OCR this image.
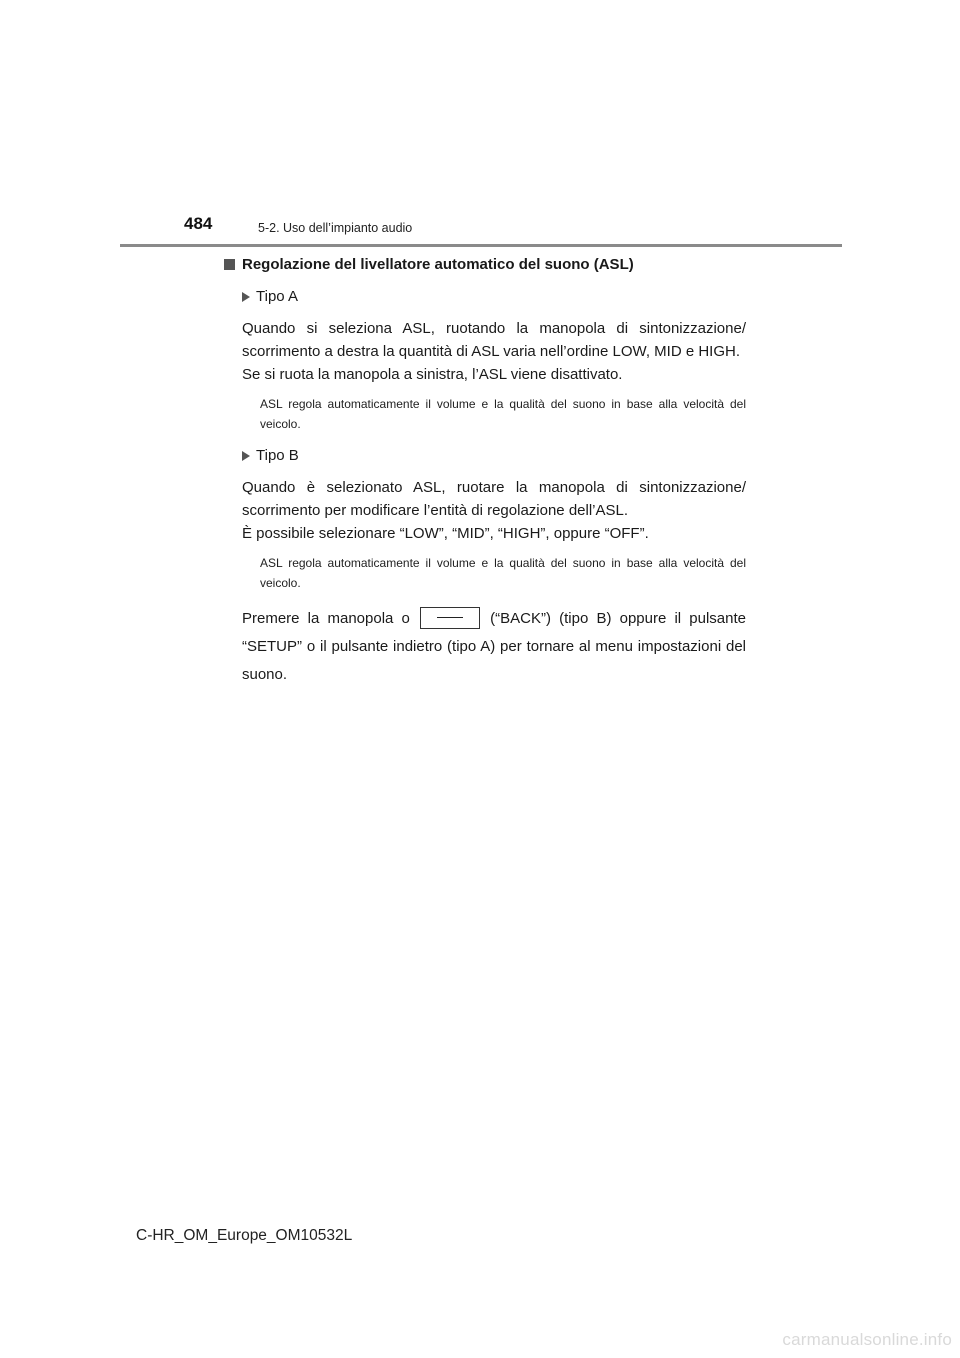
484	5-2. Uso dell’impianto audio
Regolazione del livellatore automatico del suono (ASL)
Tipo A

Quando si seleziona ASL, ruotando la manopola di sintonizzazione/ scorrimento a destra la quantità di ASL varia nell’ordine LOW, MID e HIGH.
Se si ruota la manopola a sinistra, l’ASL viene disattivato.

ASL regola automaticamente il volume e la qualità del suono in base alla velocità del veicolo.

Tipo B

Quando è selezionato ASL, ruotare la manopola di sintonizzazione/ scorrimento per modificare l’entità di regolazione dell’ASL.
È possibile selezionare “LOW”, “MID”, “HIGH”, oppure “OFF”.

ASL regola automaticamente il volume e la qualità del suono in base alla velocità del veicolo.

Premere la manopola o	(“BACK”) (tipo B) oppure il pulsante “SETUP” o il pulsante indietro (tipo A) per tornare al menu impostazioni del suono.

C-HR_OM_Europe_OM10532L
carmanualsonline.info
